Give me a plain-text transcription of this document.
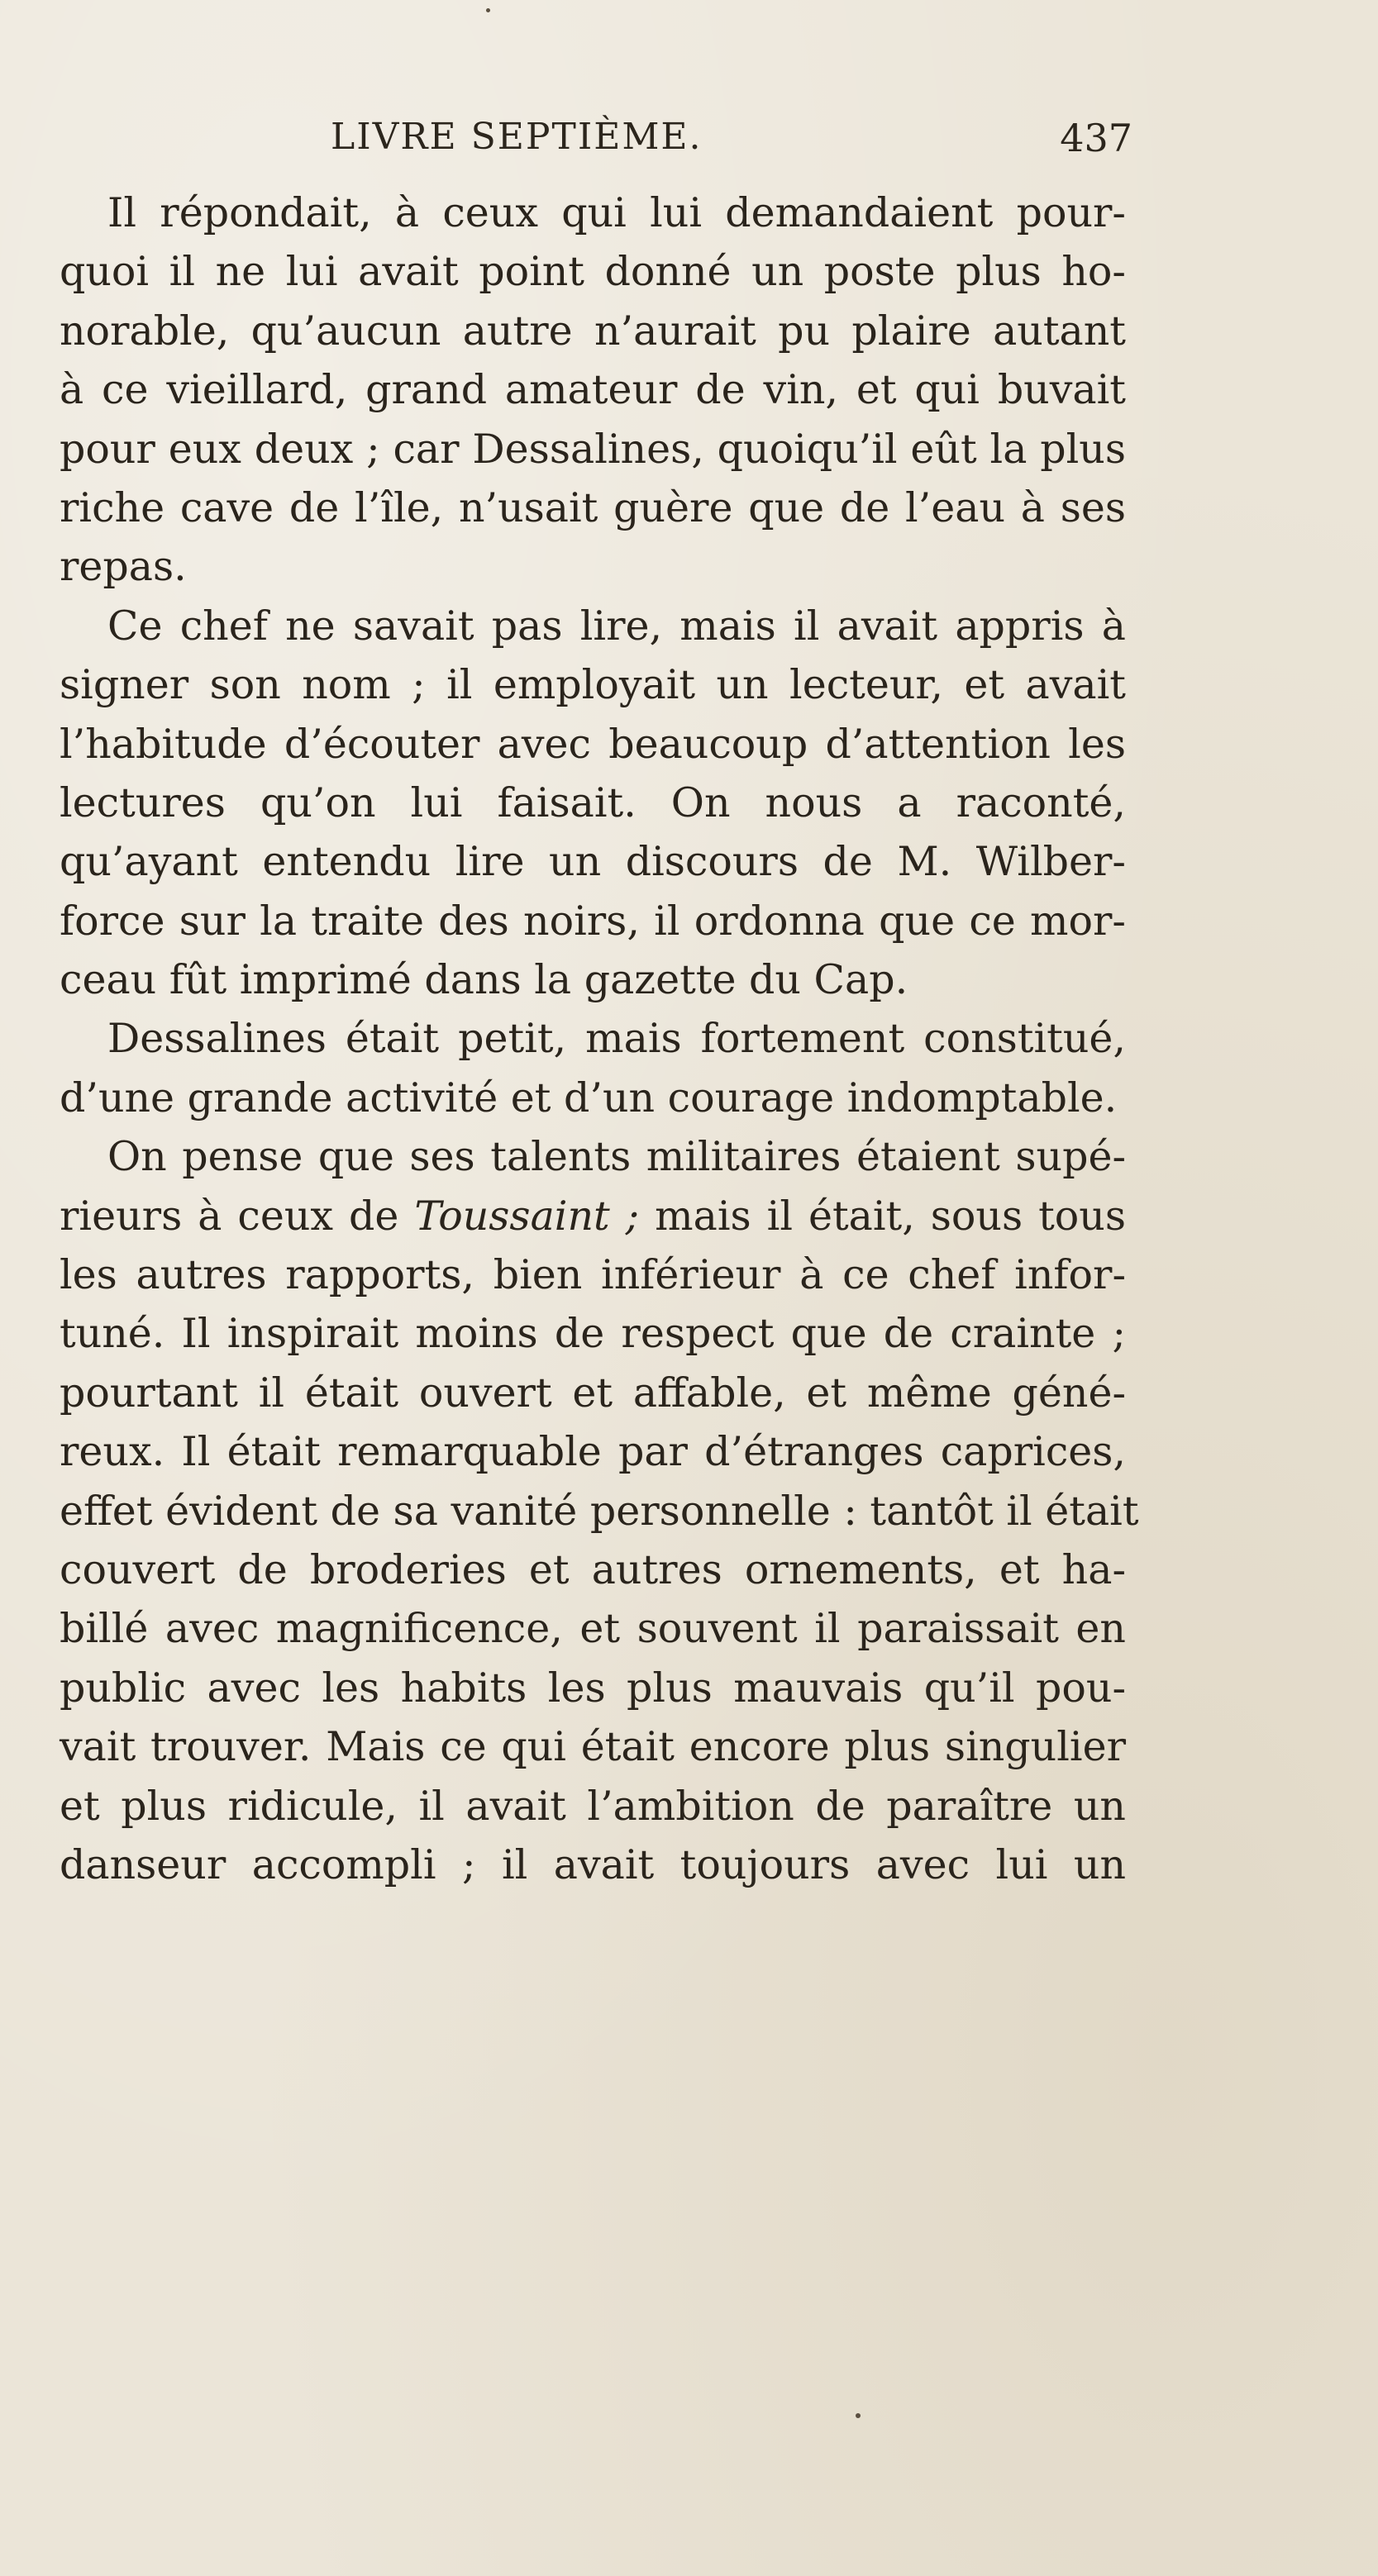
LIVRE SEPTIÈME.	437
Il répondait, à ceux qui lui demandaient pour-
quoi il ne lui avait point donné un poste plus ho-
norable, qu’aucun autre n’aurait pu plaire autant
à ce vieillard, grand amateur de vin, et qui buvait
pour eux deux ; car Dessalines, quoiqu’il eût la plus
riche cave de l’île, n’usait guère que de l’eau à ses
repas.
Ce chef ne savait pas lire, mais il avait appris à
signer son nom ; il employait un lecteur, et avait
l’habitude d’écouter avec beaucoup d’attention les
lectures qu’on lui faisait. On nous a raconté,
qu’ayant entendu lire un discours de M. Wilber-
force sur la traite des noirs, il ordonna que ce mor-
ceau fût imprimé dans la gazette du Cap.
Dessalines était petit, mais fortement constitué,
d’une grande activité et d’un courage indomptable.
On pense que ses talents militaires étaient supé-
rieurs à ceux de Toussaint ; mais il était, sous tous
les autres rapports, bien inférieur à ce chef infor-
tuné. Il inspirait moins de respect que de crainte ;
pourtant il était ouvert et affable, et même géné-
reux. Il était remarquable par d’étranges caprices,
effet évident de sa vanité personnelle : tantôt il était
couvert de broderies et autres ornements, et ha-
billé avec magnificence, et souvent il paraissait en
public avec les habits les plus mauvais qu’il pou-
vait trouver. Mais ce qui était encore plus singulier
et plus ridicule, il avait l’ambition de paraître un
danseur accompli ; il avait toujours avec lui un
